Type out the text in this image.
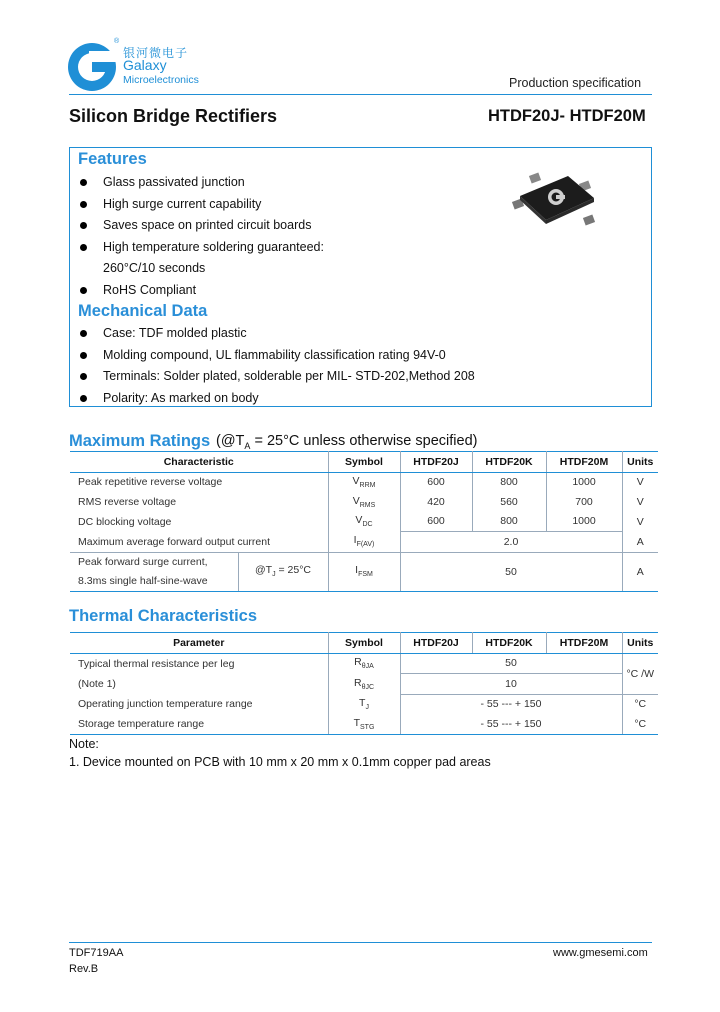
®
银河微电子
Galaxy
Microelectronics	Production specification
Silicon Bridge Rectifiers	HTDF20J- HTDF20M
Features
Glass passivated junction
High surge current capability
Saves space on printed circuit boards
High temperature soldering guaranteed:
260°C/10 seconds
RoHS Compliant
Mechanical Data
Case: TDF molded plastic
Molding compound, UL flammability classification rating 94V-0
Terminals: Solder plated, solderable per MIL- STD-202,Method 208
Polarity: As marked on body
Maximum Ratings ($@T_A = 25^\circ C$ unless otherwise specified)
Characteristic		Symbol	HTDF20J	HTDF20K	HTDF20M	Units
Peak repetitive reverse voltage		$V_{RRM}$	600	800	1000	V
RMS reverse voltage		$V_{RMS}$	420	560	700	V
DC blocking voltage		$V_{DC}$	600	800	1000	V
Maximum average forward output current		$I_{F(AV)}$	2.0			A
Peak forward surge current,
8.3ms single half-sine-wave	$@T_J = 25^\circ C$	$I_{FSM}$	50			A
Thermal Characteristics
Parameter	Symbol	HTDF20J	HTDF20K	HTDF20M	Units
Typical thermal resistance per leg	$R_{\theta JA}$	50			°C /W
(Note 1)	$R_{\theta JC}$	10			
Operating junction temperature range	$T_J$	- 55 --- + 150			°C
Storage temperature range	$T_{STG}$	- 55 --- + 150			°C
Note:
1. Device mounted on PCB with 10 mm x 20 mm x 0.1mm copper pad areas
TDF719AA
Rev.B
www.gmesemi.com
